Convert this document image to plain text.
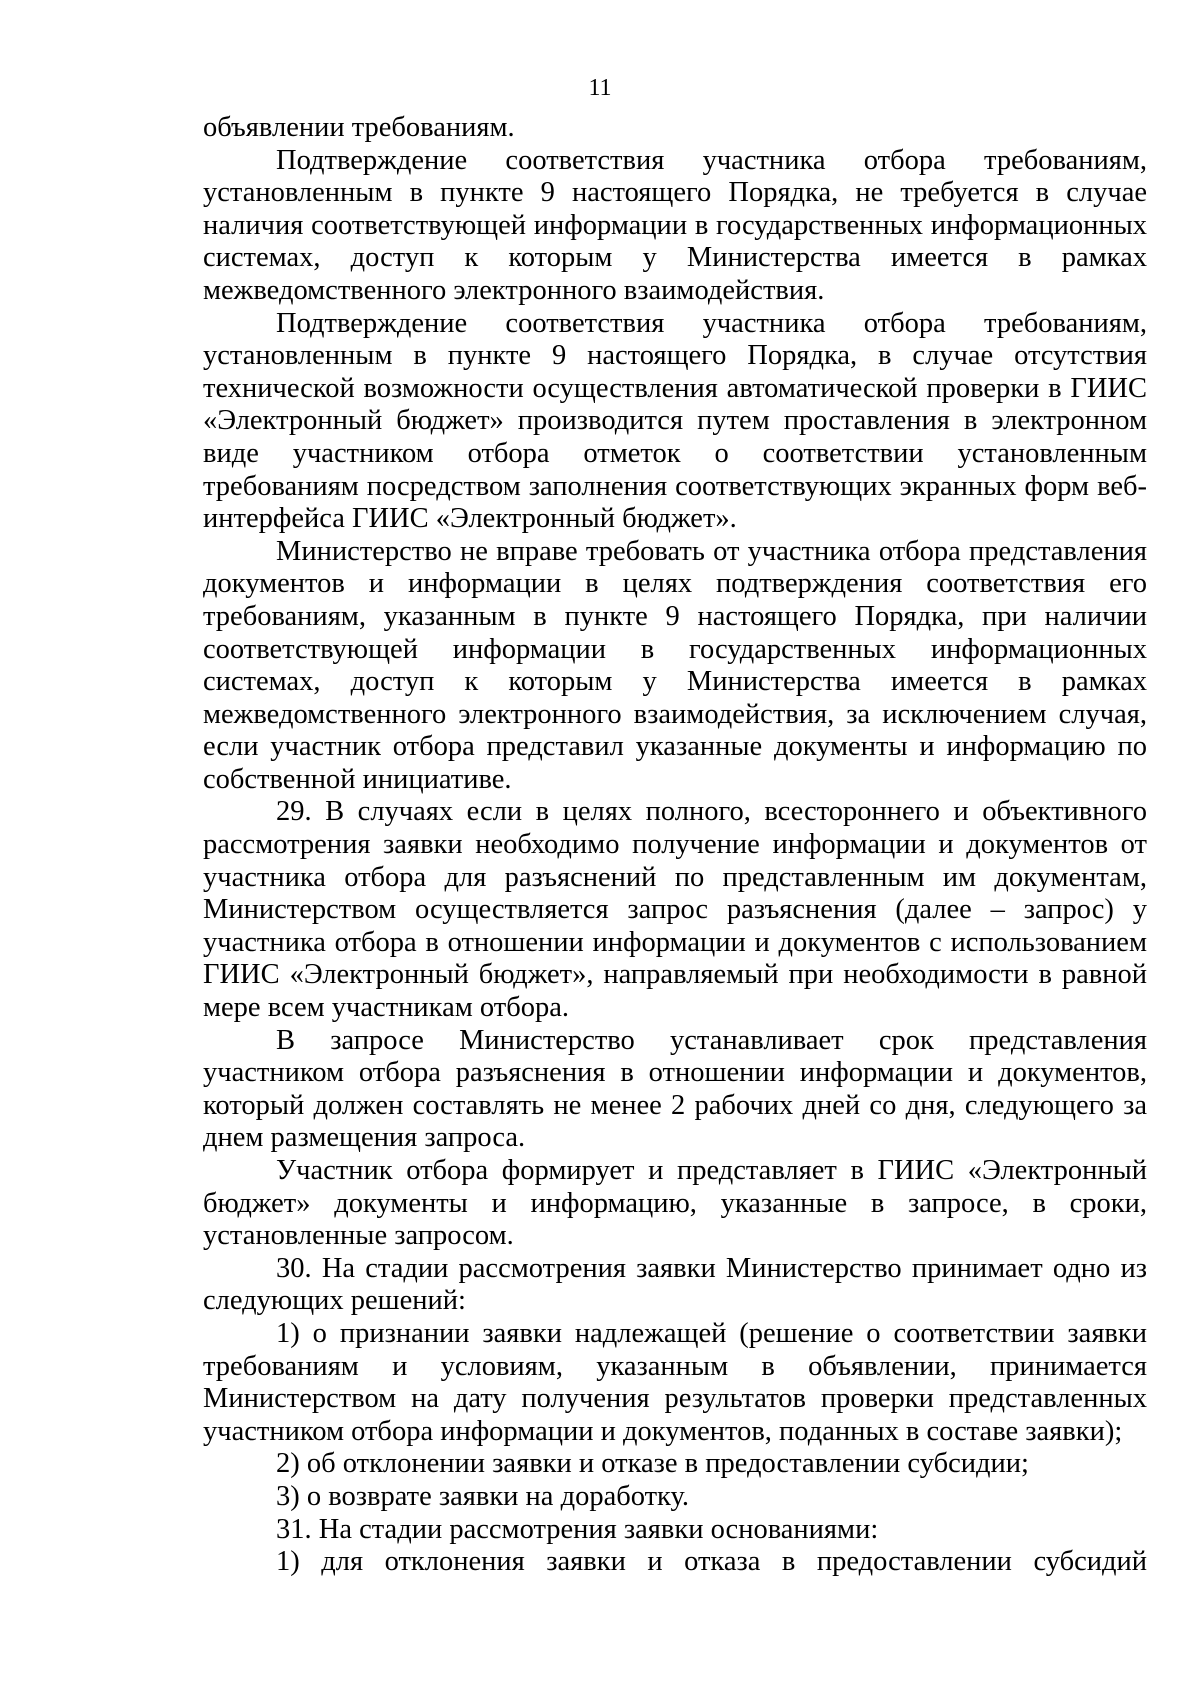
11

объявлении требованиям.

Подтверждение соответствия участника отбора требованиям, установленным в пункте 9 настоящего Порядка, не требуется в случае наличия соответствующей информации в государственных информационных системах, доступ к которым у Министерства имеется в рамках межведомственного электронного взаимодействия.

Подтверждение соответствия участника отбора требованиям, установленным в пункте 9 настоящего Порядка, в случае отсутствия технической возможности осуществления автоматической проверки в ГИИС «Электронный бюджет» производится путем проставления в электронном виде участником отбора отметок о соответствии установленным требованиям посредством заполнения соответствующих экранных форм веб-интерфейса ГИИС «Электронный бюджет».

Министерство не вправе требовать от участника отбора представления документов и информации в целях подтверждения соответствия его требованиям, указанным в пункте 9 настоящего Порядка, при наличии соответствующей информации в государственных информационных системах, доступ к которым у Министерства имеется в рамках межведомственного электронного взаимодействия, за исключением случая, если участник отбора представил указанные документы и информацию по собственной инициативе.

29. В случаях если в целях полного, всестороннего и объективного рассмотрения заявки необходимо получение информации и документов от участника отбора для разъяснений по представленным им документам, Министерством осуществляется запрос разъяснения (далее – запрос) у участника отбора в отношении информации и документов с использованием ГИИС «Электронный бюджет», направляемый при необходимости в равной мере всем участникам отбора.

В запросе Министерство устанавливает срок представления участником отбора разъяснения в отношении информации и документов, который должен составлять не менее 2 рабочих дней со дня, следующего за днем размещения запроса.

Участник отбора формирует и представляет в ГИИС «Электронный бюджет» документы и информацию, указанные в запросе, в сроки, установленные запросом.

30. На стадии рассмотрения заявки Министерство принимает одно из следующих решений:

1) о признании заявки надлежащей (решение о соответствии заявки требованиям и условиям, указанным в объявлении, принимается Министерством на дату получения результатов проверки представленных участником отбора информации и документов, поданных в составе заявки);

2) об отклонении заявки и отказе в предоставлении субсидии;

3) о возврате заявки на доработку.

31. На стадии рассмотрения заявки основаниями:

1) для отклонения заявки и отказа в предоставлении субсидий
